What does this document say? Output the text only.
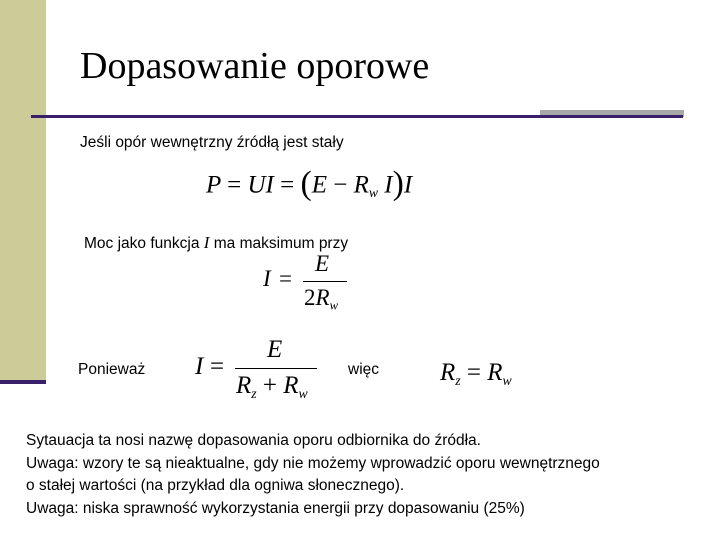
Dopasowanie oporowe
Jeśli opór wewnętrzny źródłą jest stały
P = UI = ($E - R_w$ I)I
Moc jako funkcja I ma maksimum przy
I =
E
$2R_w$
Ponieważ I =
E
$R_z + R_w$
więc $R_z = R_w$
Sytauacja ta nosi nazwę dopasowania oporu odbiornika do źródła.
Uwaga: wzory te są nieaktualne, gdy nie możemy wprowadzić oporu wewnętrznego
o stałej wartości (na przykład dla ogniwa słonecznego).
Uwaga: niska sprawność wykorzystania energii przy dopasowaniu (25%)
